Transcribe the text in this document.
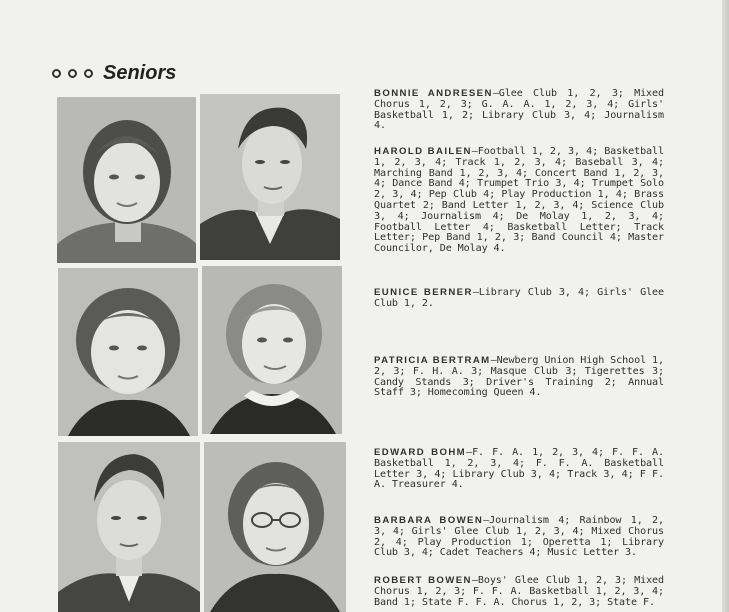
Seniors
BONNIE ANDRESEN—Glee Club 1, 2, 3; Mixed Chorus 1, 2, 3; G. A. A. 1, 2, 3, 4; Girls' Basketball 1, 2; Library Club 3, 4; Journalism 4.
HAROLD BAILEN—Football 1, 2, 3, 4; Basketball 1, 2, 3, 4; Track 1, 2, 3, 4; Baseball 3, 4; Marching Band 1, 2, 3, 4; Concert Band 1, 2, 3, 4; Dance Band 4; Trumpet Trio 3, 4; Trumpet Solo 2, 3, 4; Pep Club 4; Play Production 1, 4; Brass Quartet 2; Band Letter 1, 2, 3, 4; Science Club 3, 4; Journalism 4; De Molay 1, 2, 3, 4; Football Letter 4; Basketball Letter; Track Letter; Pep Band 1, 2, 3; Band Council 4; Master Councilor, De Molay 4.
EUNICE BERNER—Library Club 3, 4; Girls' Glee Club 1, 2.
PATRICIA BERTRAM—Newberg Union High School 1, 2, 3; F. H. A. 3; Masque Club 3; Tigerettes 3; Candy Stands 3; Driver's Training 2; Annual Staff 3; Homecoming Queen 4.
EDWARD BOHM—F. F. A. 1, 2, 3, 4; F. F. A. Basketball 1, 2, 3, 4; F. F. A. Basketball Letter 3, 4; Library Club 3, 4; Track 3, 4; F F. A. Treasurer 4.
BARBARA BOWEN—Journalism 4; Rainbow 1, 2, 3, 4; Girls' Glee Club 1, 2, 3, 4; Mixed Chorus 2, 4; Play Production 1; Operetta 1; Library Club 3, 4; Cadet Teachers 4; Music Letter 3.
ROBERT BOWEN—Boys' Glee Club 1, 2, 3; Mixed Chorus 1, 2, 3; F. F. A. Basketball 1, 2, 3, 4; Band 1; State F. F. A. Chorus 1, 2, 3; State F.
